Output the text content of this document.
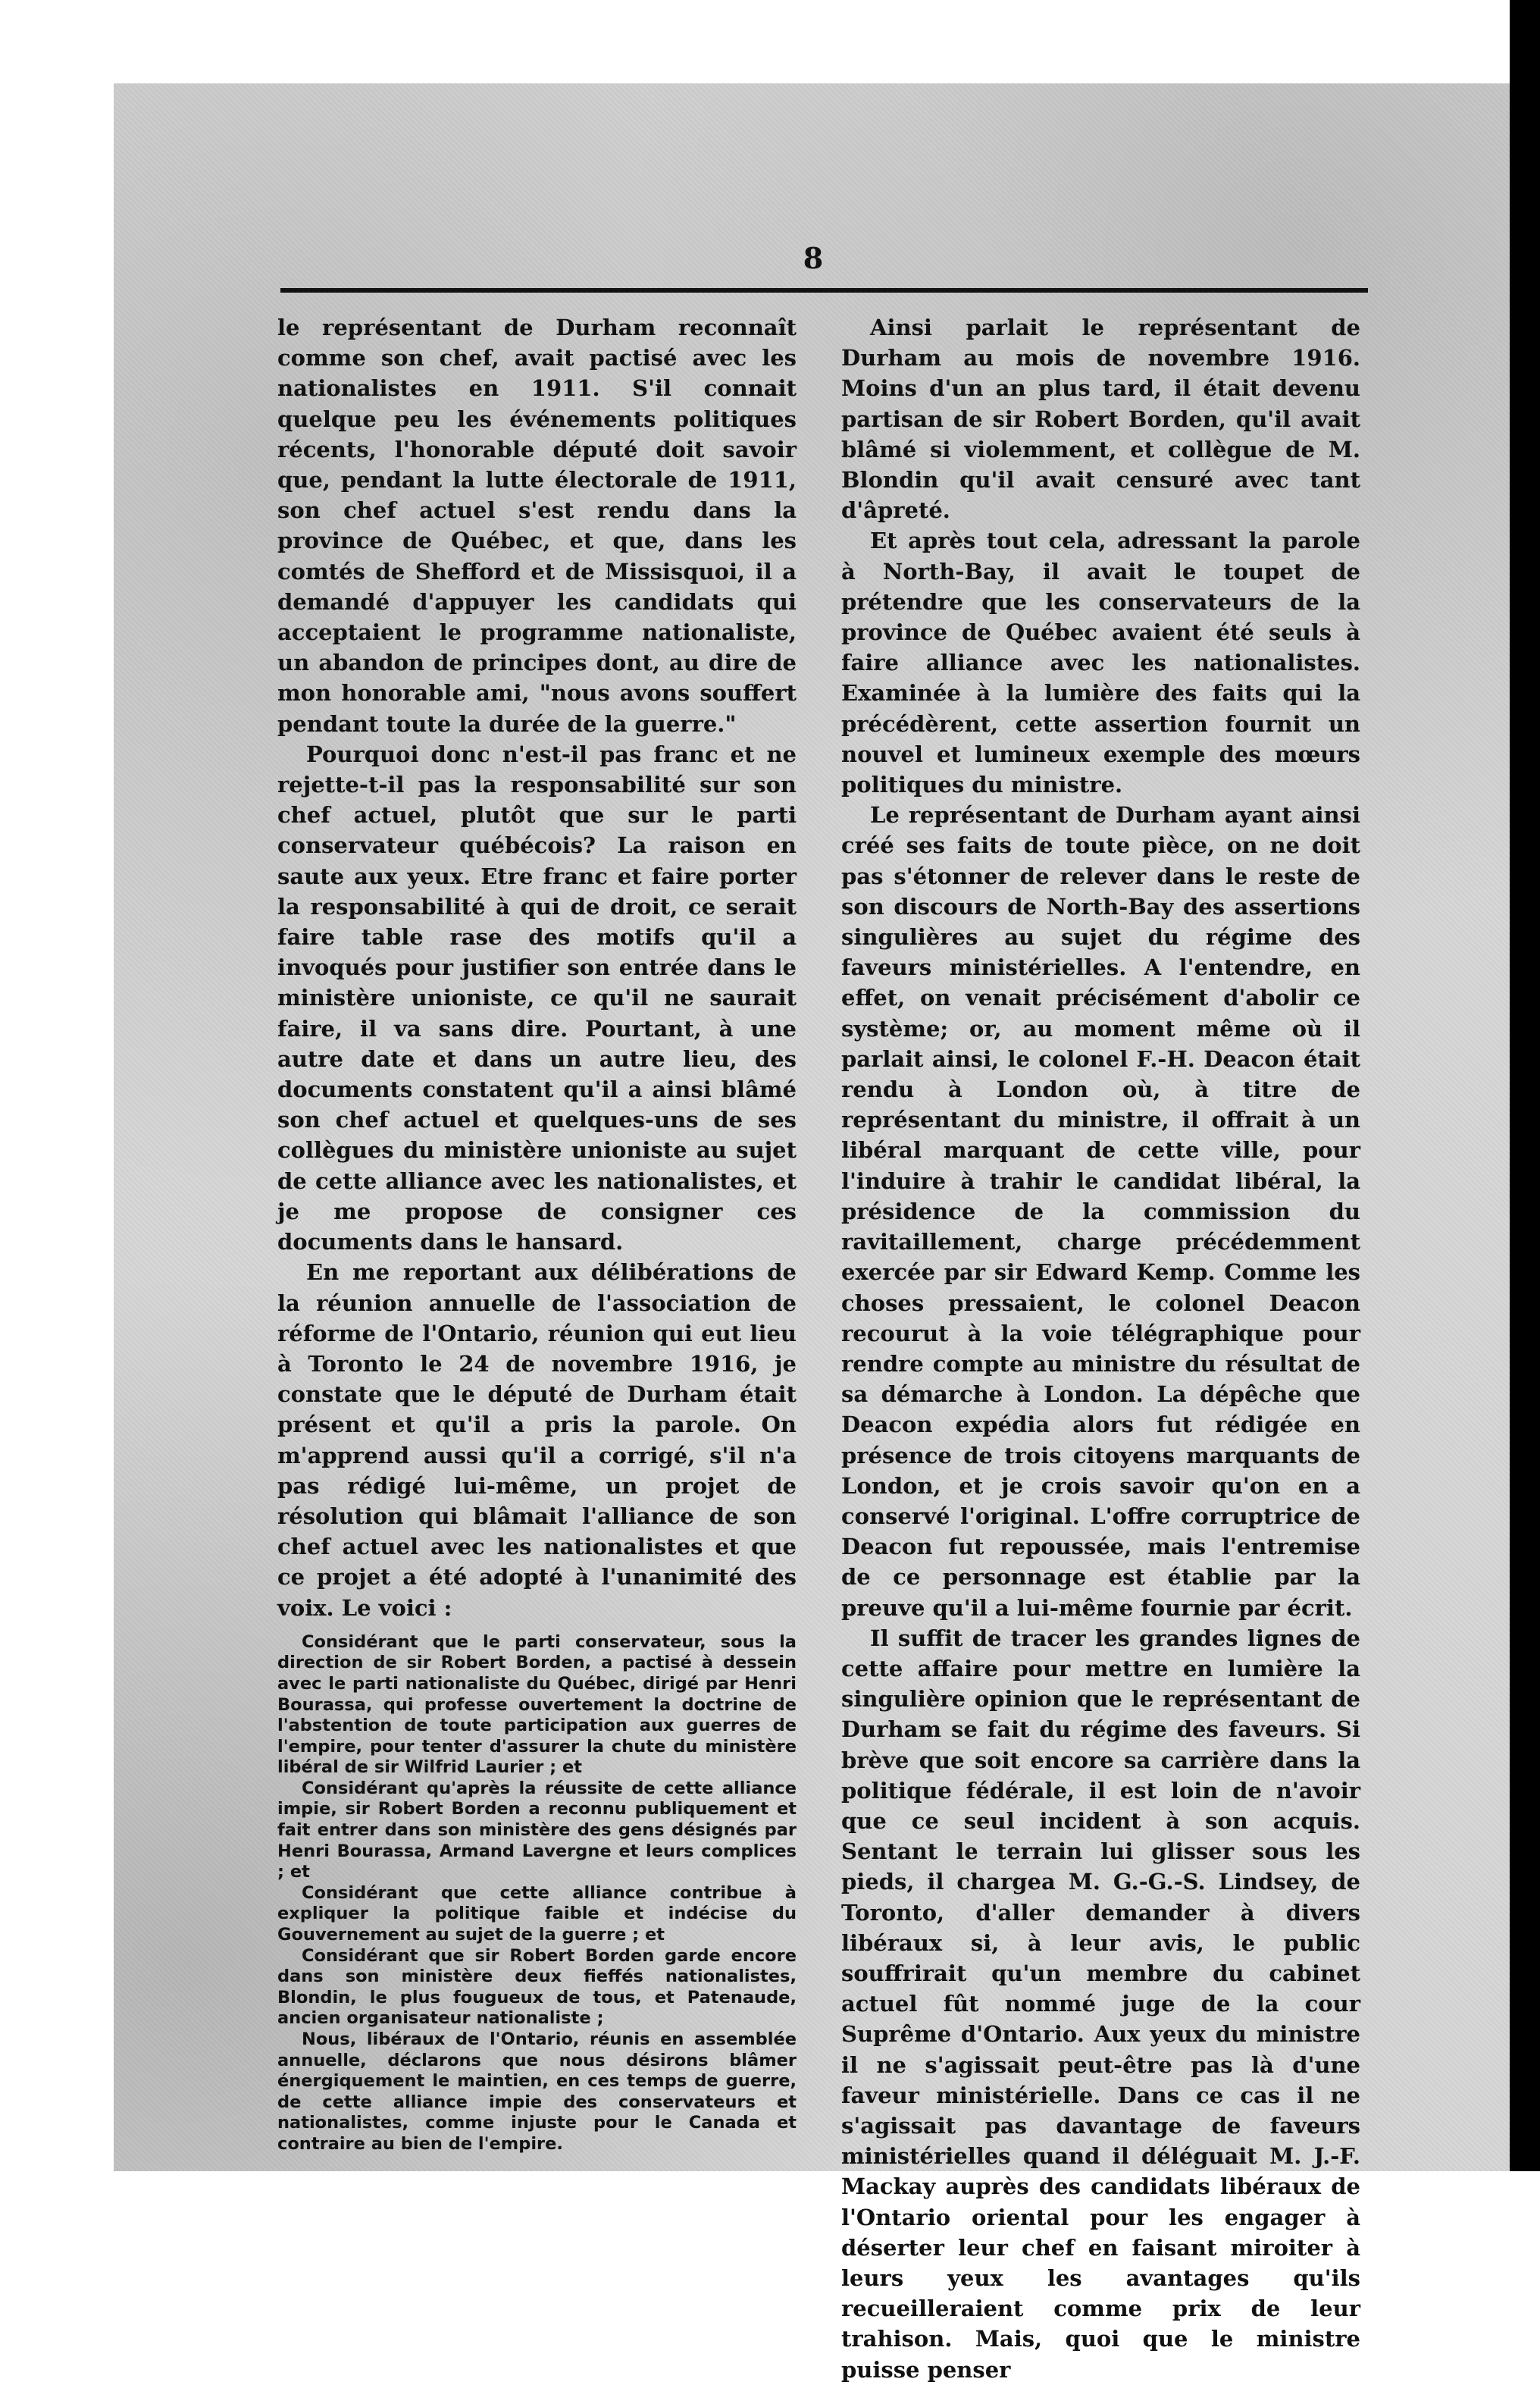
8

le représentant de Durham reconnaît comme son chef, avait pactisé avec les nationalistes en 1911. S'il connait quelque peu les événements politiques récents, l'honorable député doit savoir que, pendant la lutte électorale de 1911, son chef actuel s'est rendu dans la province de Québec, et que, dans les comtés de Shefford et de Missisquoi, il a demandé d'appuyer les candidats qui acceptaient le programme nationaliste, un abandon de principes dont, au dire de mon honorable ami, "nous avons souffert pendant toute la durée de la guerre."

Pourquoi donc n'est-il pas franc et ne rejette-t-il pas la responsabilité sur son chef actuel, plutôt que sur le parti conservateur québécois? La raison en saute aux yeux. Etre franc et faire porter la responsabilité à qui de droit, ce serait faire table rase des motifs qu'il a invoqués pour justifier son entrée dans le ministère unioniste, ce qu'il ne saurait faire, il va sans dire. Pourtant, à une autre date et dans un autre lieu, des documents constatent qu'il a ainsi blâmé son chef actuel et quelques-uns de ses collègues du ministère unioniste au sujet de cette alliance avec les nationalistes, et je me propose de consigner ces documents dans le hansard.

En me reportant aux délibérations de la réunion annuelle de l'association de réforme de l'Ontario, réunion qui eut lieu à Toronto le 24 de novembre 1916, je constate que le député de Durham était présent et qu'il a pris la parole. On m'apprend aussi qu'il a corrigé, s'il n'a pas rédigé lui-même, un projet de résolution qui blâmait l'alliance de son chef actuel avec les nationalistes et que ce projet a été adopté à l'unanimité des voix. Le voici :

Considérant que le parti conservateur, sous la direction de sir Robert Borden, a pactisé à dessein avec le parti nationaliste du Québec, dirigé par Henri Bourassa, qui professe ouvertement la doctrine de l'abstention de toute participation aux guerres de l'empire, pour tenter d'assurer la chute du ministère libéral de sir Wilfrid Laurier ; et

Considérant qu'après la réussite de cette alliance impie, sir Robert Borden a reconnu publiquement et fait entrer dans son ministère des gens désignés par Henri Bourassa, Armand Lavergne et leurs complices ; et

Considérant que cette alliance contribue à expliquer la politique faible et indécise du Gouvernement au sujet de la guerre ; et

Considérant que sir Robert Borden garde encore dans son ministère deux fieffés nationalistes, Blondin, le plus fougueux de tous, et Patenaude, ancien organisateur nationaliste ;

Nous, libéraux de l'Ontario, réunis en assemblée annuelle, déclarons que nous désirons blâmer énergiquement le maintien, en ces temps de guerre, de cette alliance impie des conservateurs et nationalistes, comme injuste pour le Canada et contraire au bien de l'empire.

Ainsi parlait le représentant de Durham au mois de novembre 1916. Moins d'un an plus tard, il était devenu partisan de sir Robert Borden, qu'il avait blâmé si violemment, et collègue de M. Blondin qu'il avait censuré avec tant d'âpreté.

Et après tout cela, adressant la parole à North-Bay, il avait le toupet de prétendre que les conservateurs de la province de Québec avaient été seuls à faire alliance avec les nationalistes. Examinée à la lumière des faits qui la précédèrent, cette assertion fournit un nouvel et lumineux exemple des mœurs politiques du ministre.

Le représentant de Durham ayant ainsi créé ses faits de toute pièce, on ne doit pas s'étonner de relever dans le reste de son discours de North-Bay des assertions singulières au sujet du régime des faveurs ministérielles. A l'entendre, en effet, on venait précisément d'abolir ce système; or, au moment même où il parlait ainsi, le colonel F.-H. Deacon était rendu à London où, à titre de représentant du ministre, il offrait à un libéral marquant de cette ville, pour l'induire à trahir le candidat libéral, la présidence de la commission du ravitaillement, charge précédemment exercée par sir Edward Kemp. Comme les choses pressaient, le colonel Deacon recourut à la voie télégraphique pour rendre compte au ministre du résultat de sa démarche à London. La dépêche que Deacon expédia alors fut rédigée en présence de trois citoyens marquants de London, et je crois savoir qu'on en a conservé l'original. L'offre corruptrice de Deacon fut repoussée, mais l'entremise de ce personnage est établie par la preuve qu'il a lui-même fournie par écrit.

Il suffit de tracer les grandes lignes de cette affaire pour mettre en lumière la singulière opinion que le représentant de Durham se fait du régime des faveurs. Si brève que soit encore sa carrière dans la politique fédérale, il est loin de n'avoir que ce seul incident à son acquis. Sentant le terrain lui glisser sous les pieds, il chargea M. G.-G.-S. Lindsey, de Toronto, d'aller demander à divers libéraux si, à leur avis, le public souffrirait qu'un membre du cabinet actuel fût nommé juge de la cour Suprême d'Ontario. Aux yeux du ministre il ne s'agissait peut-être pas là d'une faveur ministérielle. Dans ce cas il ne s'agissait pas davantage de faveurs ministérielles quand il déléguait M. J.-F. Mackay auprès des candidats libéraux de l'Ontario oriental pour les engager à déserter leur chef en faisant miroiter à leurs yeux les avantages qu'ils recueilleraient comme prix de leur trahison. Mais, quoi que le ministre puisse penser
